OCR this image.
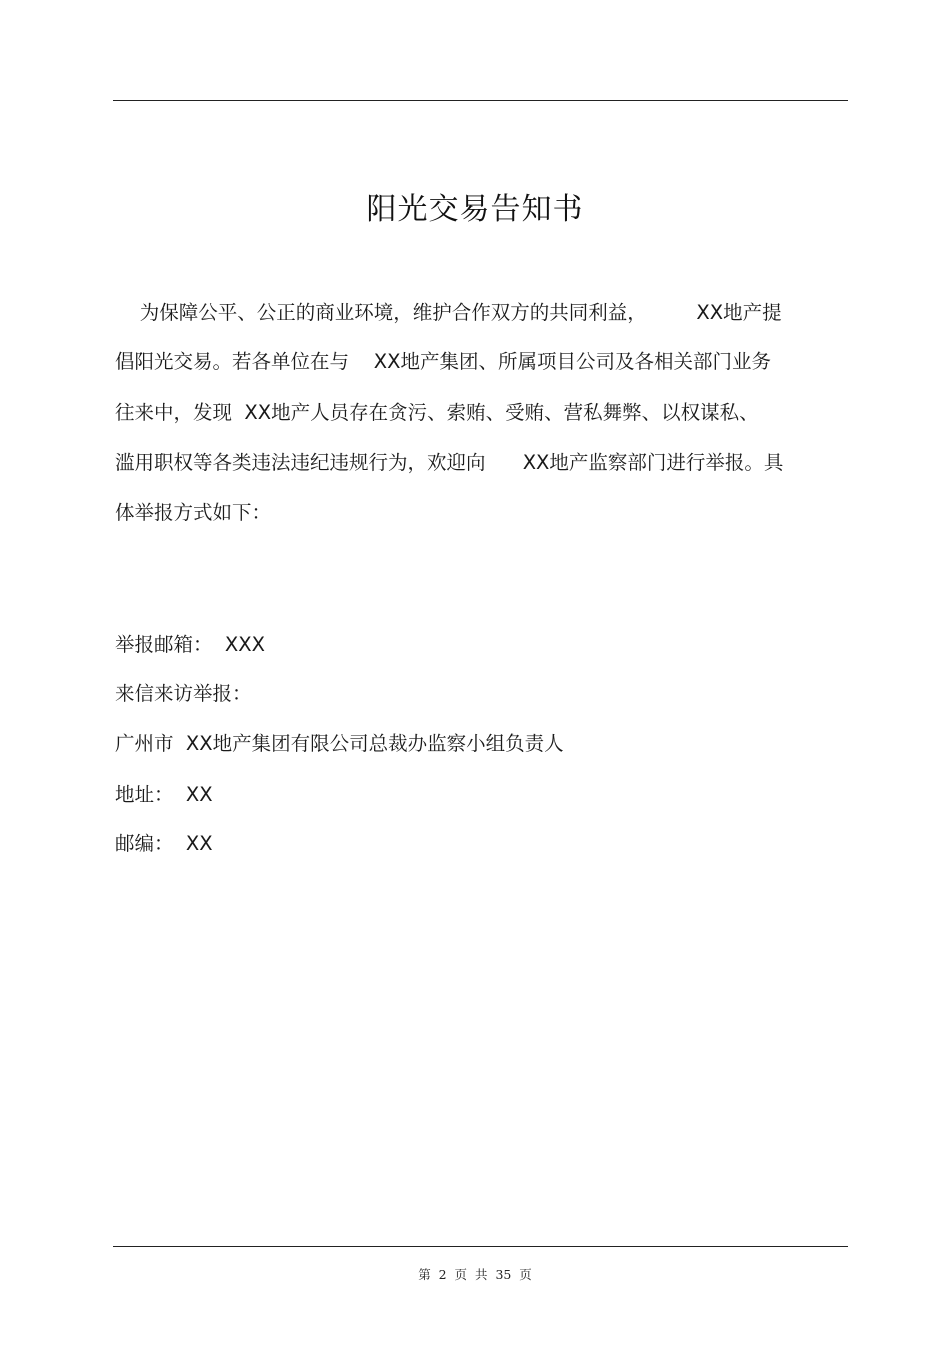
阳光交易告知书
为保障公平、公正的商业环境，维护合作双方的共同利益，        XX地产提
倡阳光交易。若各单位在与    XX地产集团、所属项目公司及各相关部门业务
往来中，发现  XX地产人员存在贪污、索贿、受贿、营私舞弊、以权谋私、
滥用职权等各类违法违纪违规行为，欢迎向      XX地产监察部门进行举报。具
体举报方式如下：
举报邮箱：  XXX
来信来访举报：
广州市  XX地产集团有限公司总裁办监察小组负责人
地址：  XX
邮编：  XX
第  2  页  共  35  页
